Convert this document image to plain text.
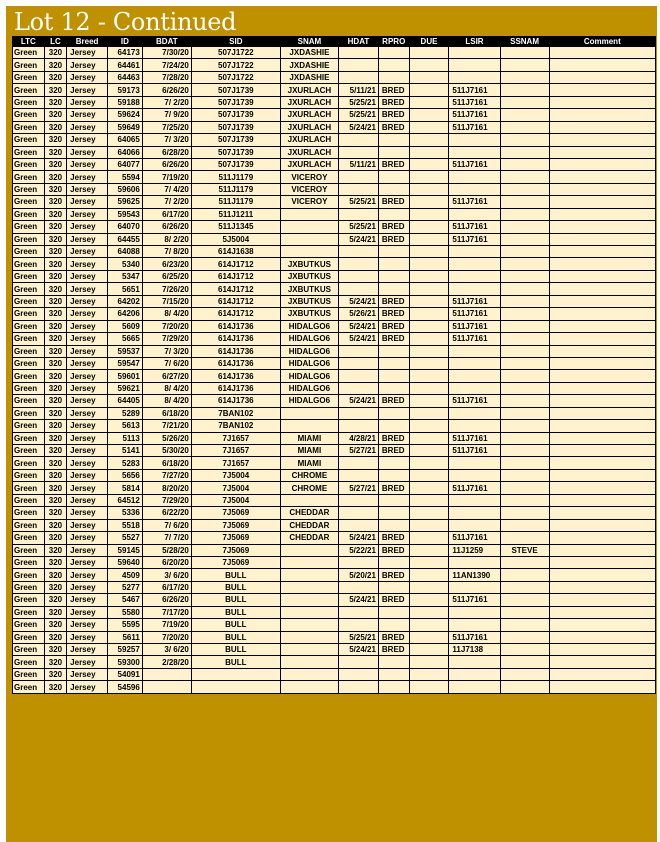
Lot 12 - Continued
LTC	LC	Breed	ID	BDAT	SID	SNAM	HDAT	RPRO	DUE	LSIR	SSNAM	Comment
Green	320	Jersey	64173	7/30/20	507J1722	JXDASHIE						
Green	320	Jersey	64461	7/24/20	507J1722	JXDASHIE						
Green	320	Jersey	64463	7/28/20	507J1722	JXDASHIE						
Green	320	Jersey	59173	6/26/20	507J1739	JXURLACH	5/11/21	BRED		511J7161		
Green	320	Jersey	59188	7/ 2/20	507J1739	JXURLACH	5/25/21	BRED		511J7161		
Green	320	Jersey	59624	7/ 9/20	507J1739	JXURLACH	5/25/21	BRED		511J7161		
Green	320	Jersey	59649	7/25/20	507J1739	JXURLACH	5/24/21	BRED		511J7161		
Green	320	Jersey	64065	7/ 3/20	507J1739	JXURLACH						
Green	320	Jersey	64066	6/28/20	507J1739	JXURLACH						
Green	320	Jersey	64077	6/26/20	507J1739	JXURLACH	5/11/21	BRED		511J7161		
Green	320	Jersey	5594	7/19/20	511J1179	VICEROY						
Green	320	Jersey	59606	7/ 4/20	511J1179	VICEROY						
Green	320	Jersey	59625	7/ 2/20	511J1179	VICEROY	5/25/21	BRED		511J7161		
Green	320	Jersey	59543	6/17/20	511J1211							
Green	320	Jersey	64070	6/26/20	511J1345		5/25/21	BRED		511J7161		
Green	320	Jersey	64455	8/ 2/20	5J5004		5/24/21	BRED		511J7161		
Green	320	Jersey	64088	7/ 8/20	614J1638							
Green	320	Jersey	5340	6/23/20	614J1712	JXBUTKUS						
Green	320	Jersey	5347	6/25/20	614J1712	JXBUTKUS						
Green	320	Jersey	5651	7/26/20	614J1712	JXBUTKUS						
Green	320	Jersey	64202	7/15/20	614J1712	JXBUTKUS	5/24/21	BRED		511J7161		
Green	320	Jersey	64206	8/ 4/20	614J1712	JXBUTKUS	5/26/21	BRED		511J7161		
Green	320	Jersey	5609	7/20/20	614J1736	HIDALGO6	5/24/21	BRED		511J7161		
Green	320	Jersey	5665	7/29/20	614J1736	HIDALGO6	5/24/21	BRED		511J7161		
Green	320	Jersey	59537	7/ 3/20	614J1736	HIDALGO6						
Green	320	Jersey	59547	7/ 6/20	614J1736	HIDALGO6						
Green	320	Jersey	59601	6/27/20	614J1736	HIDALGO6						
Green	320	Jersey	59621	8/ 4/20	614J1736	HIDALGO6						
Green	320	Jersey	64405	8/ 4/20	614J1736	HIDALGO6	5/24/21	BRED		511J7161		
Green	320	Jersey	5289	6/18/20	7BAN102							
Green	320	Jersey	5613	7/21/20	7BAN102							
Green	320	Jersey	5113	5/26/20	7J1657	MIAMI	4/28/21	BRED		511J7161		
Green	320	Jersey	5141	5/30/20	7J1657	MIAMI	5/27/21	BRED		511J7161		
Green	320	Jersey	5283	6/18/20	7J1657	MIAMI						
Green	320	Jersey	5656	7/27/20	7J5004	CHROME						
Green	320	Jersey	5814	8/20/20	7J5004	CHROME	5/27/21	BRED		511J7161		
Green	320	Jersey	64512	7/29/20	7J5004							
Green	320	Jersey	5336	6/22/20	7J5069	CHEDDAR						
Green	320	Jersey	5518	7/ 6/20	7J5069	CHEDDAR						
Green	320	Jersey	5527	7/ 7/20	7J5069	CHEDDAR	5/24/21	BRED		511J7161		
Green	320	Jersey	59145	5/28/20	7J5069		5/22/21	BRED		11J1259	STEVE	
Green	320	Jersey	59640	6/20/20	7J5069							
Green	320	Jersey	4509	3/ 6/20	BULL		5/20/21	BRED		11AN1390		
Green	320	Jersey	5277	6/17/20	BULL							
Green	320	Jersey	5467	6/26/20	BULL		5/24/21	BRED		511J7161		
Green	320	Jersey	5580	7/17/20	BULL							
Green	320	Jersey	5595	7/19/20	BULL							
Green	320	Jersey	5611	7/20/20	BULL		5/25/21	BRED		511J7161		
Green	320	Jersey	59257	3/ 6/20	BULL		5/24/21	BRED		11J7138		
Green	320	Jersey	59300	2/28/20	BULL							
Green	320	Jersey	54091									
Green	320	Jersey	54596									
